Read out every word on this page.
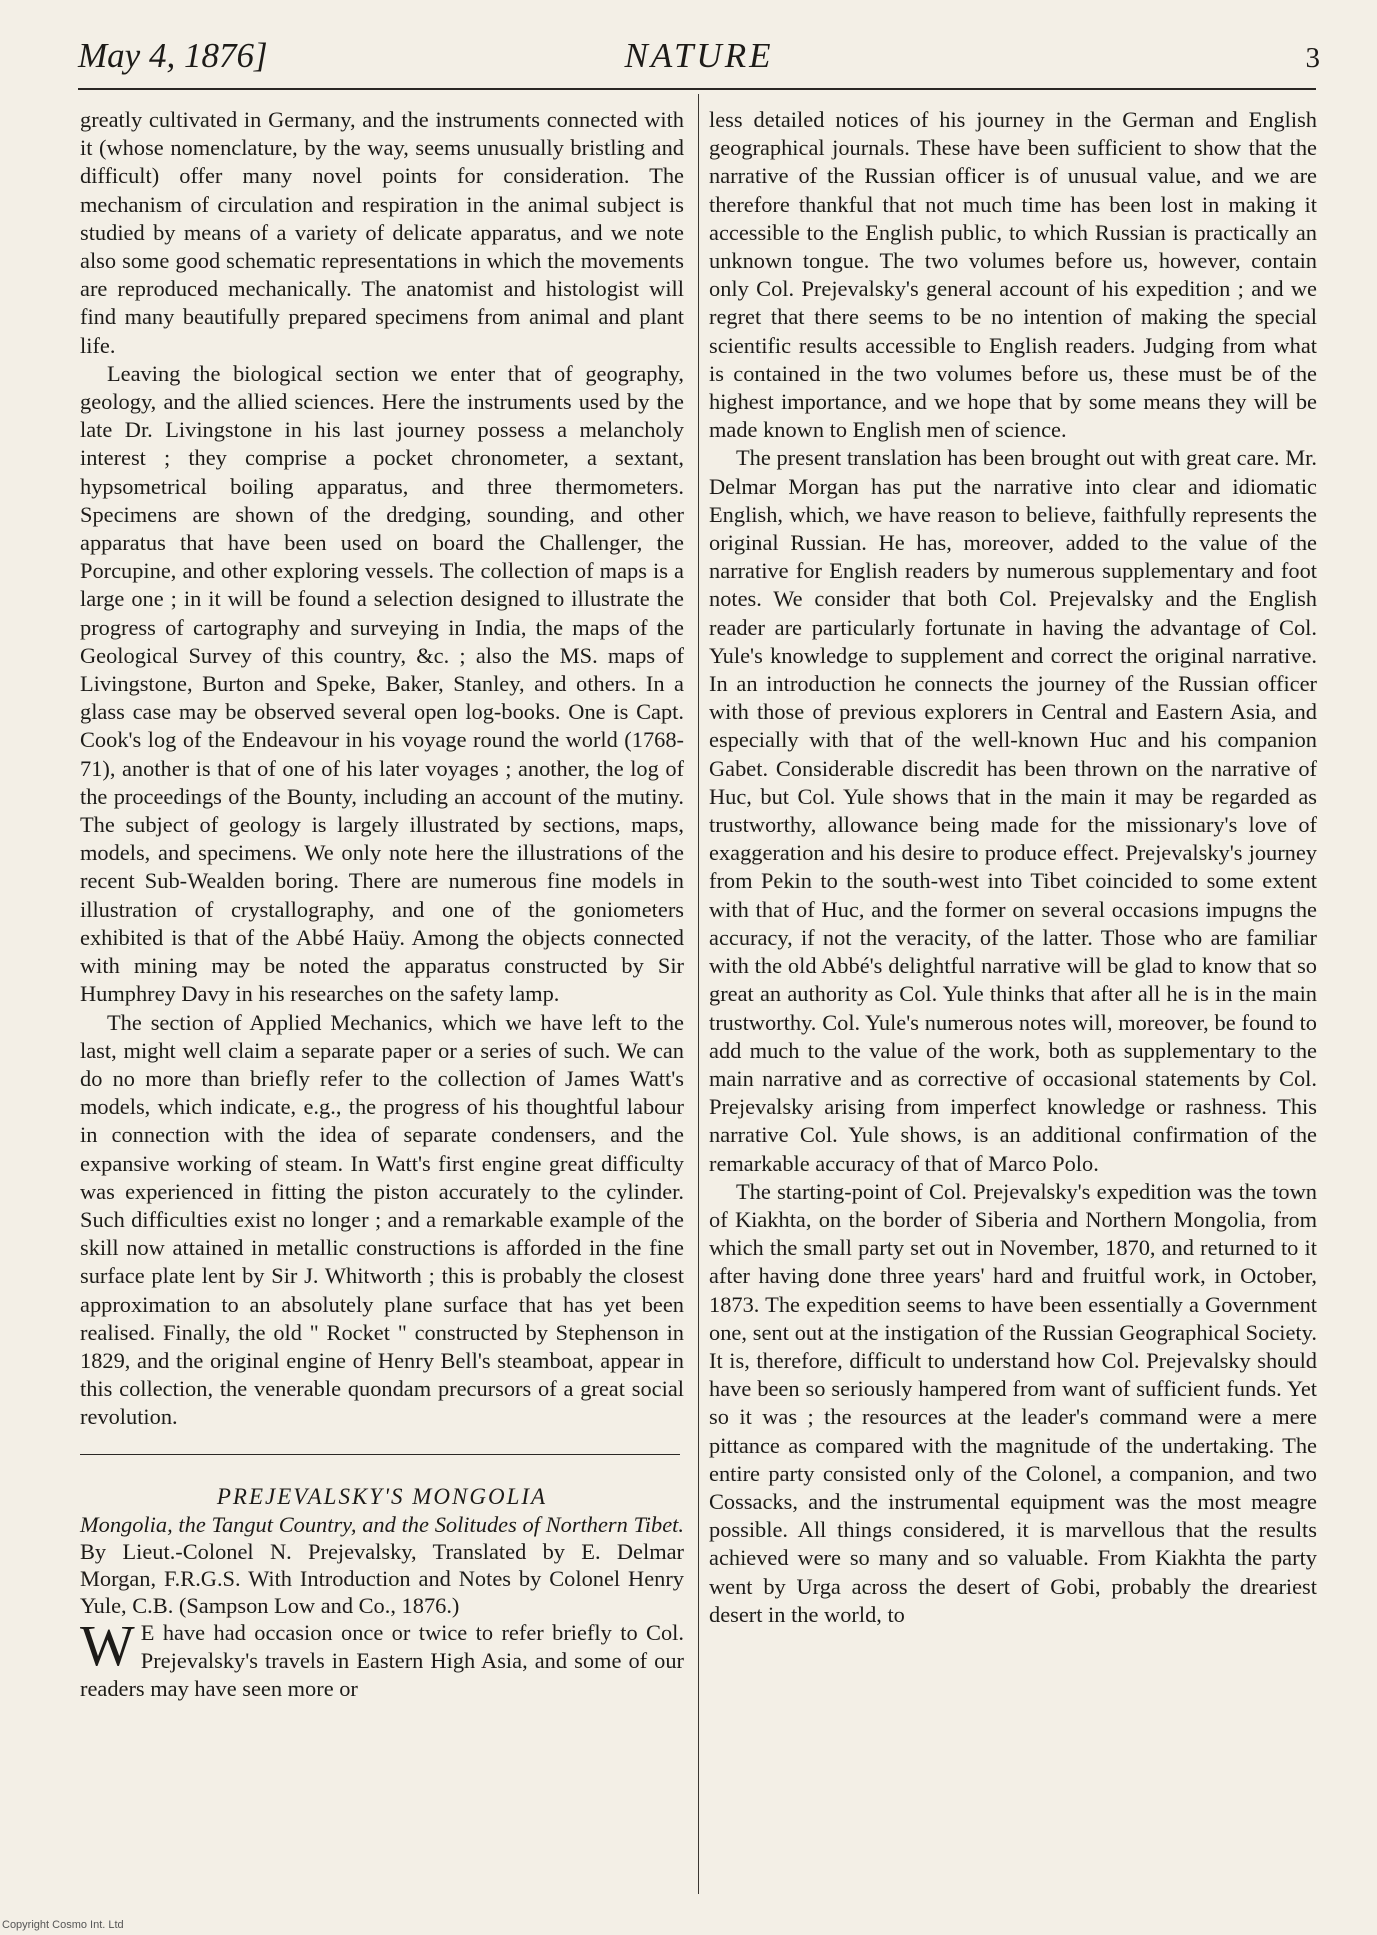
May 4, 1876]	NATURE	3

greatly cultivated in Germany, and the instruments connected with it (whose nomenclature, by the way, seems unusually bristling and difficult) offer many novel points for consideration. The mechanism of circulation and respiration in the animal subject is studied by means of a variety of delicate apparatus, and we note also some good schematic representations in which the movements are reproduced mechanically. The anatomist and histologist will find many beautifully prepared specimens from animal and plant life.

Leaving the biological section we enter that of geography, geology, and the allied sciences. Here the instruments used by the late Dr. Livingstone in his last journey possess a melancholy interest ; they comprise a pocket chronometer, a sextant, hypsometrical boiling apparatus, and three thermometers. Specimens are shown of the dredging, sounding, and other apparatus that have been used on board the Challenger, the Porcupine, and other exploring vessels. The collection of maps is a large one ; in it will be found a selection designed to illustrate the progress of cartography and surveying in India, the maps of the Geological Survey of this country, &c. ; also the MS. maps of Livingstone, Burton and Speke, Baker, Stanley, and others. In a glass case may be observed several open log-books. One is Capt. Cook's log of the Endeavour in his voyage round the world (1768-71), another is that of one of his later voyages ; another, the log of the proceedings of the Bounty, including an account of the mutiny. The subject of geology is largely illustrated by sections, maps, models, and specimens. We only note here the illustrations of the recent Sub-Wealden boring. There are numerous fine models in illustration of crystallography, and one of the goniometers exhibited is that of the Abbé Haüy. Among the objects connected with mining may be noted the apparatus constructed by Sir Humphrey Davy in his researches on the safety lamp.

The section of Applied Mechanics, which we have left to the last, might well claim a separate paper or a series of such. We can do no more than briefly refer to the collection of James Watt's models, which indicate, e.g., the progress of his thoughtful labour in connection with the idea of separate condensers, and the expansive working of steam. In Watt's first engine great difficulty was experienced in fitting the piston accurately to the cylinder. Such difficulties exist no longer ; and a remarkable example of the skill now attained in metallic constructions is afforded in the fine surface plate lent by Sir J. Whitworth ; this is probably the closest approximation to an absolutely plane surface that has yet been realised. Finally, the old " Rocket " constructed by Stephenson in 1829, and the original engine of Henry Bell's steamboat, appear in this collection, the venerable quondam precursors of a great social revolution.

PREJEVALSKY'S MONGOLIA

Mongolia, the Tangut Country, and the Solitudes of Northern Tibet. By Lieut.-Colonel N. Prejevalsky, Translated by E. Delmar Morgan, F.R.G.S. With Introduction and Notes by Colonel Henry Yule, C.B. (Sampson Low and Co., 1876.)

W E have had occasion once or twice to refer briefly to Col. Prejevalsky's travels in Eastern High Asia, and some of our readers may have seen more or

less detailed notices of his journey in the German and English geographical journals. These have been sufficient to show that the narrative of the Russian officer is of unusual value, and we are therefore thankful that not much time has been lost in making it accessible to the English public, to which Russian is practically an unknown tongue. The two volumes before us, however, contain only Col. Prejevalsky's general account of his expedition ; and we regret that there seems to be no intention of making the special scientific results accessible to English readers. Judging from what is contained in the two volumes before us, these must be of the highest importance, and we hope that by some means they will be made known to English men of science.

The present translation has been brought out with great care. Mr. Delmar Morgan has put the narrative into clear and idiomatic English, which, we have reason to believe, faithfully represents the original Russian. He has, moreover, added to the value of the narrative for English readers by numerous supplementary and foot notes. We consider that both Col. Prejevalsky and the English reader are particularly fortunate in having the advantage of Col. Yule's knowledge to supplement and correct the original narrative. In an introduction he connects the journey of the Russian officer with those of previous explorers in Central and Eastern Asia, and especially with that of the well-known Huc and his companion Gabet. Considerable discredit has been thrown on the narrative of Huc, but Col. Yule shows that in the main it may be regarded as trustworthy, allowance being made for the missionary's love of exaggeration and his desire to produce effect. Prejevalsky's journey from Pekin to the south-west into Tibet coincided to some extent with that of Huc, and the former on several occasions impugns the accuracy, if not the veracity, of the latter. Those who are familiar with the old Abbé's delightful narrative will be glad to know that so great an authority as Col. Yule thinks that after all he is in the main trustworthy. Col. Yule's numerous notes will, moreover, be found to add much to the value of the work, both as supplementary to the main narrative and as corrective of occasional statements by Col. Prejevalsky arising from imperfect knowledge or rashness. This narrative Col. Yule shows, is an additional confirmation of the remarkable accuracy of that of Marco Polo.

The starting-point of Col. Prejevalsky's expedition was the town of Kiakhta, on the border of Siberia and Northern Mongolia, from which the small party set out in November, 1870, and returned to it after having done three years' hard and fruitful work, in October, 1873. The expedition seems to have been essentially a Government one, sent out at the instigation of the Russian Geographical Society. It is, therefore, difficult to understand how Col. Prejevalsky should have been so seriously hampered from want of sufficient funds. Yet so it was ; the resources at the leader's command were a mere pittance as compared with the magnitude of the undertaking. The entire party consisted only of the Colonel, a companion, and two Cossacks, and the instrumental equipment was the most meagre possible. All things considered, it is marvellous that the results achieved were so many and so valuable. From Kiakhta the party went by Urga across the desert of Gobi, probably the dreariest desert in the world, to

Copyright Cosmo Int. Ltd
